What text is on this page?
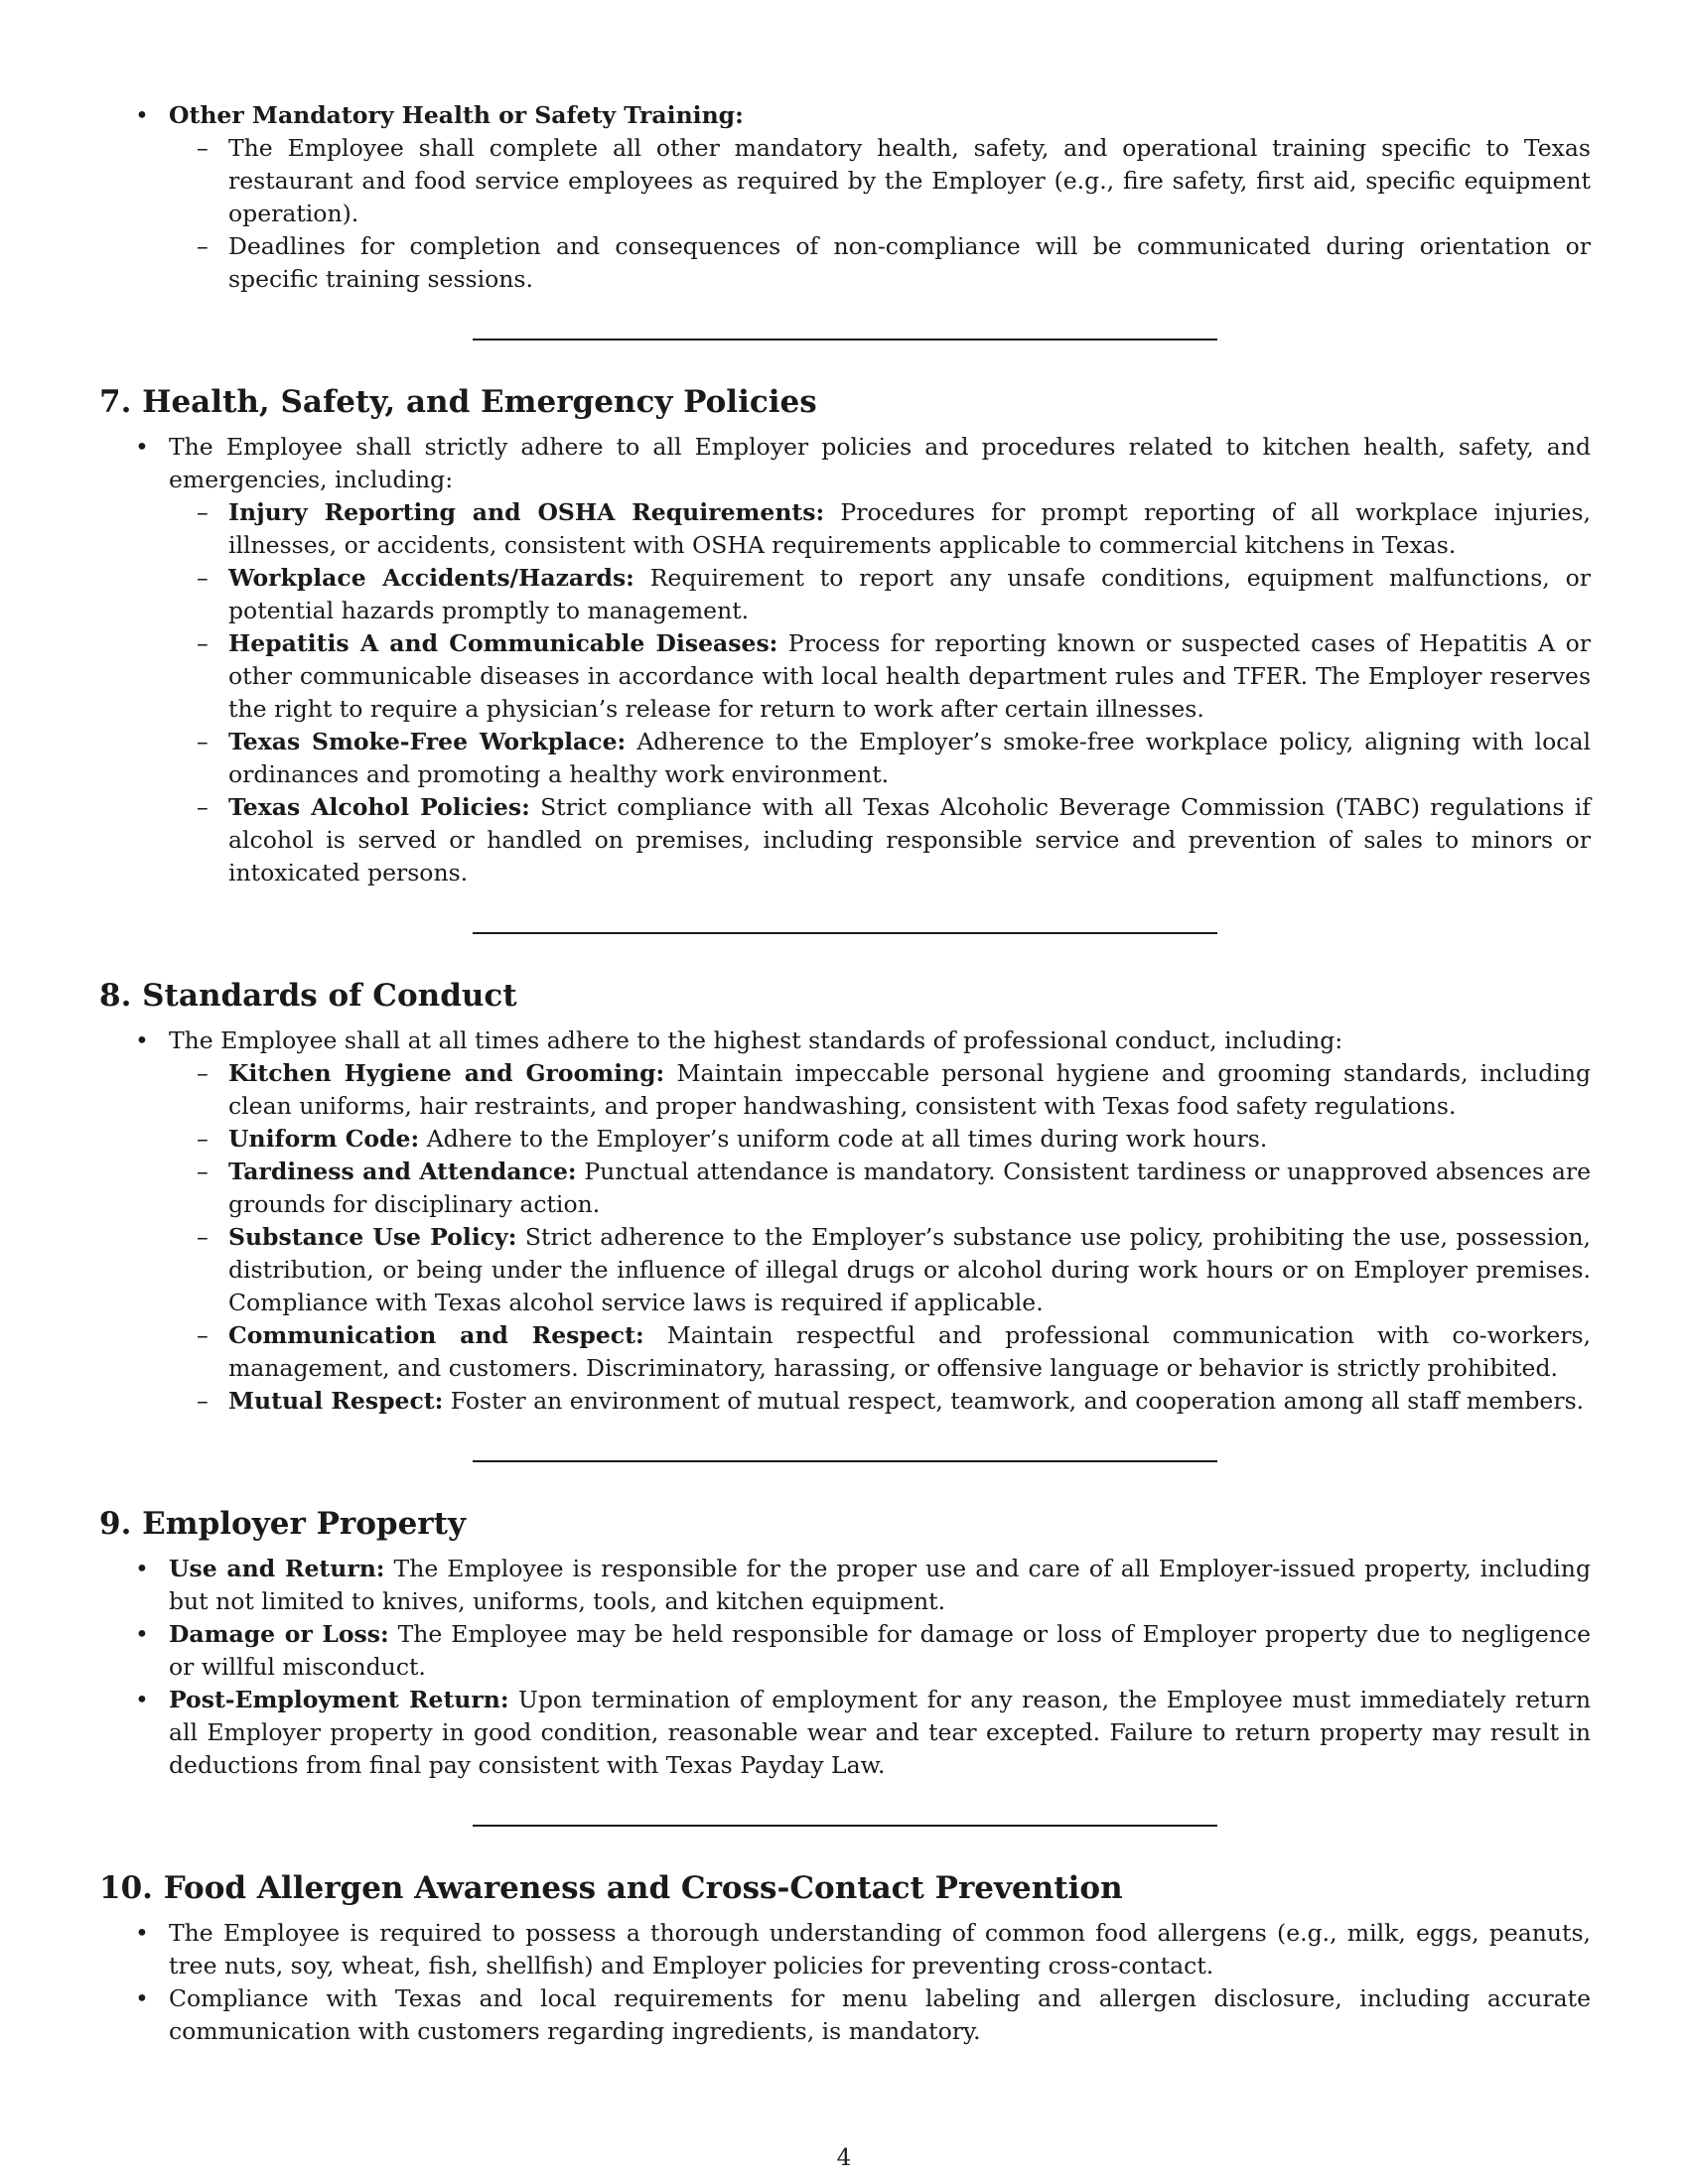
• Other Mandatory Health or Safety Training:
– The Employee shall complete all other mandatory health, safety, and operational training specific to Texas restaurant and food service employees as required by the Employer (e.g., fire safety, first aid, specific equipment operation).
– Deadlines for completion and consequences of non-compliance will be communicated during orientation or specific training sessions.
7. Health, Safety, and Emergency Policies
• The Employee shall strictly adhere to all Employer policies and procedures related to kitchen health, safety, and emergencies, including:
– Injury Reporting and OSHA Requirements: Procedures for prompt reporting of all workplace injuries, illnesses, or accidents, consistent with OSHA requirements applicable to commercial kitchens in Texas.
– Workplace Accidents/Hazards: Requirement to report any unsafe conditions, equipment malfunctions, or potential hazards promptly to management.
– Hepatitis A and Communicable Diseases: Process for reporting known or suspected cases of Hepatitis A or other communicable diseases in accordance with local health department rules and TFER. The Employer reserves the right to require a physician’s release for return to work after certain illnesses.
– Texas Smoke-Free Workplace: Adherence to the Employer’s smoke-free workplace policy, aligning with local ordinances and promoting a healthy work environment.
– Texas Alcohol Policies: Strict compliance with all Texas Alcoholic Beverage Commission (TABC) regulations if alcohol is served or handled on premises, including responsible service and prevention of sales to minors or intoxicated persons.
8. Standards of Conduct
• The Employee shall at all times adhere to the highest standards of professional conduct, including:
– Kitchen Hygiene and Grooming: Maintain impeccable personal hygiene and grooming standards, including clean uniforms, hair restraints, and proper handwashing, consistent with Texas food safety regulations.
– Uniform Code: Adhere to the Employer’s uniform code at all times during work hours.
– Tardiness and Attendance: Punctual attendance is mandatory. Consistent tardiness or unapproved absences are grounds for disciplinary action.
– Substance Use Policy: Strict adherence to the Employer’s substance use policy, prohibiting the use, possession, distribution, or being under the influence of illegal drugs or alcohol during work hours or on Employer premises. Compliance with Texas alcohol service laws is required if applicable.
– Communication and Respect: Maintain respectful and professional communication with co-workers, management, and customers. Discriminatory, harassing, or offensive language or behavior is strictly prohibited.
– Mutual Respect: Foster an environment of mutual respect, teamwork, and cooperation among all staff members.
9. Employer Property
• Use and Return: The Employee is responsible for the proper use and care of all Employer-issued property, including but not limited to knives, uniforms, tools, and kitchen equipment.
• Damage or Loss: The Employee may be held responsible for damage or loss of Employer property due to negligence or willful misconduct.
• Post-Employment Return: Upon termination of employment for any reason, the Employee must immediately return all Employer property in good condition, reasonable wear and tear excepted. Failure to return property may result in deductions from final pay consistent with Texas Payday Law.
10. Food Allergen Awareness and Cross-Contact Prevention
• The Employee is required to possess a thorough understanding of common food allergens (e.g., milk, eggs, peanuts, tree nuts, soy, wheat, fish, shellfish) and Employer policies for preventing cross-contact.
• Compliance with Texas and local requirements for menu labeling and allergen disclosure, including accurate communication with customers regarding ingredients, is mandatory.
4
